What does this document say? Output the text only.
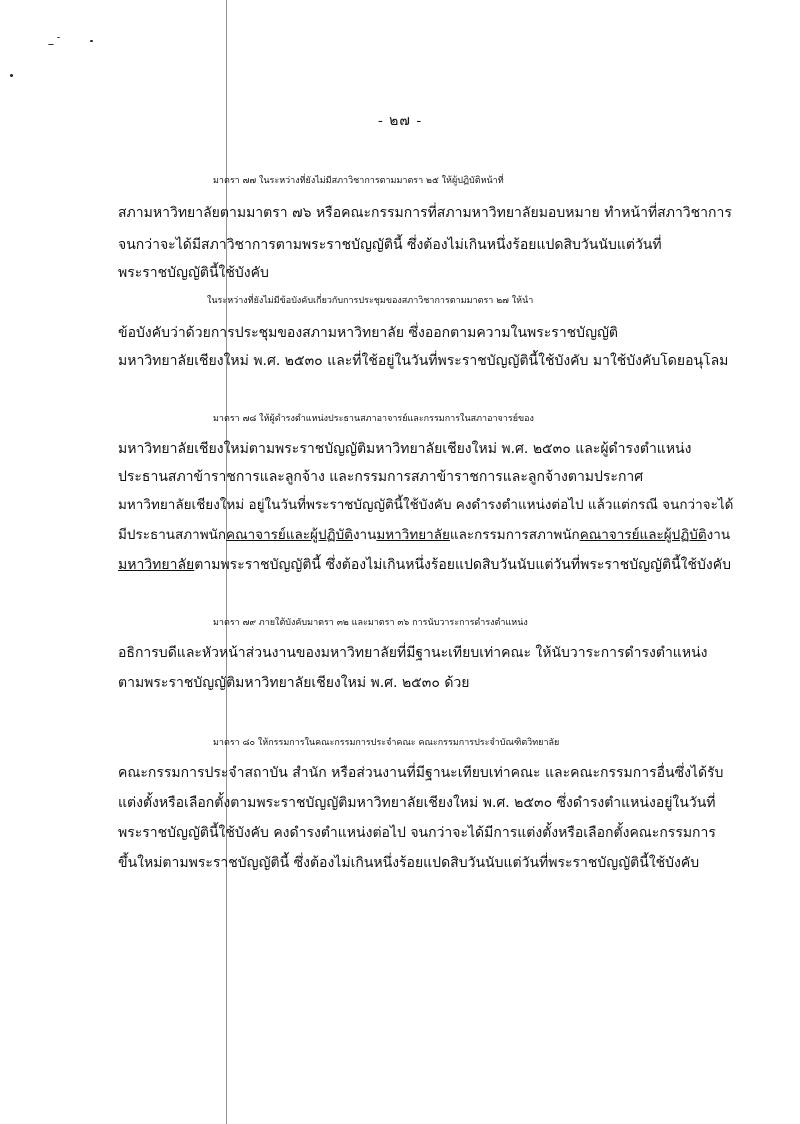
- ๒๗ -
มาตรา ๗๗ ในระหว่างที่ยังไม่มีสภาวิชาการตามมาตรา ๒๕ ให้ผู้ปฏิบัติหน้าที่
สภามหาวิทยาลัยตามมาตรา ๗๖ หรือคณะกรรมการที่สภามหาวิทยาลัยมอบหมาย ทำหน้าที่สภาวิชาการ
จนกว่าจะได้มีสภาวิชาการตามพระราชบัญญัตินี้ ซึ่งต้องไม่เกินหนึ่งร้อยแปดสิบวันนับแต่วันที่
พระราชบัญญัตินี้ใช้บังคับ
ในระหว่างที่ยังไม่มีข้อบังคับเกี่ยวกับการประชุมของสภาวิชาการตามมาตรา ๒๗ ให้นำ
ข้อบังคับว่าด้วยการประชุมของสภามหาวิทยาลัย ซึ่งออกตามความในพระราชบัญญัติ
มหาวิทยาลัยเชียงใหม่ พ.ศ. ๒๕๓๐ และที่ใช้อยู่ในวันที่พระราชบัญญัตินี้ใช้บังคับ มาใช้บังคับโดยอนุโลม
มาตรา ๗๘ ให้ผู้ดำรงตำแหน่งประธานสภาอาจารย์และกรรมการในสภาอาจารย์ของ
มหาวิทยาลัยเชียงใหม่ตามพระราชบัญญัติมหาวิทยาลัยเชียงใหม่ พ.ศ. ๒๕๓๐ และผู้ดำรงตำแหน่ง
ประธานสภาข้าราชการและลูกจ้าง และกรรมการสภาข้าราชการและลูกจ้างตามประกาศ
มหาวิทยาลัยเชียงใหม่ อยู่ในวันที่พระราชบัญญัตินี้ใช้บังคับ คงดำรงตำแหน่งต่อไป แล้วแต่กรณี จนกว่าจะได้
มีประธานสภาพนักคณาจารย์และผู้ปฏิบัติงานมหาวิทยาลัยและกรรมการสภาพนักคณาจารย์และผู้ปฏิบัติงาน
มหาวิทยาลัยตามพระราชบัญญัตินี้ ซึ่งต้องไม่เกินหนึ่งร้อยแปดสิบวันนับแต่วันที่พระราชบัญญัตินี้ใช้บังคับ
มาตรา ๗๙ ภายใต้บังคับมาตรา ๓๒ และมาตรา ๓๖ การนับวาระการดำรงตำแหน่ง
อธิการบดีและหัวหน้าส่วนงานของมหาวิทยาลัยที่มีฐานะเทียบเท่าคณะ ให้นับวาระการดำรงตำแหน่ง
ตามพระราชบัญญัติมหาวิทยาลัยเชียงใหม่ พ.ศ. ๒๕๓๐ ด้วย
มาตรา ๘๐ ให้กรรมการในคณะกรรมการประจำคณะ คณะกรรมการประจำบัณฑิตวิทยาลัย
คณะกรรมการประจำสถาบัน สำนัก หรือส่วนงานที่มีฐานะเทียบเท่าคณะ และคณะกรรมการอื่นซึ่งได้รับ
แต่งตั้งหรือเลือกตั้งตามพระราชบัญญัติมหาวิทยาลัยเชียงใหม่ พ.ศ. ๒๕๓๐ ซึ่งดำรงตำแหน่งอยู่ในวันที่
พระราชบัญญัตินี้ใช้บังคับ คงดำรงตำแหน่งต่อไป จนกว่าจะได้มีการแต่งตั้งหรือเลือกตั้งคณะกรรมการ
ขึ้นใหม่ตามพระราชบัญญัตินี้ ซึ่งต้องไม่เกินหนึ่งร้อยแปดสิบวันนับแต่วันที่พระราชบัญญัตินี้ใช้บังคับ
